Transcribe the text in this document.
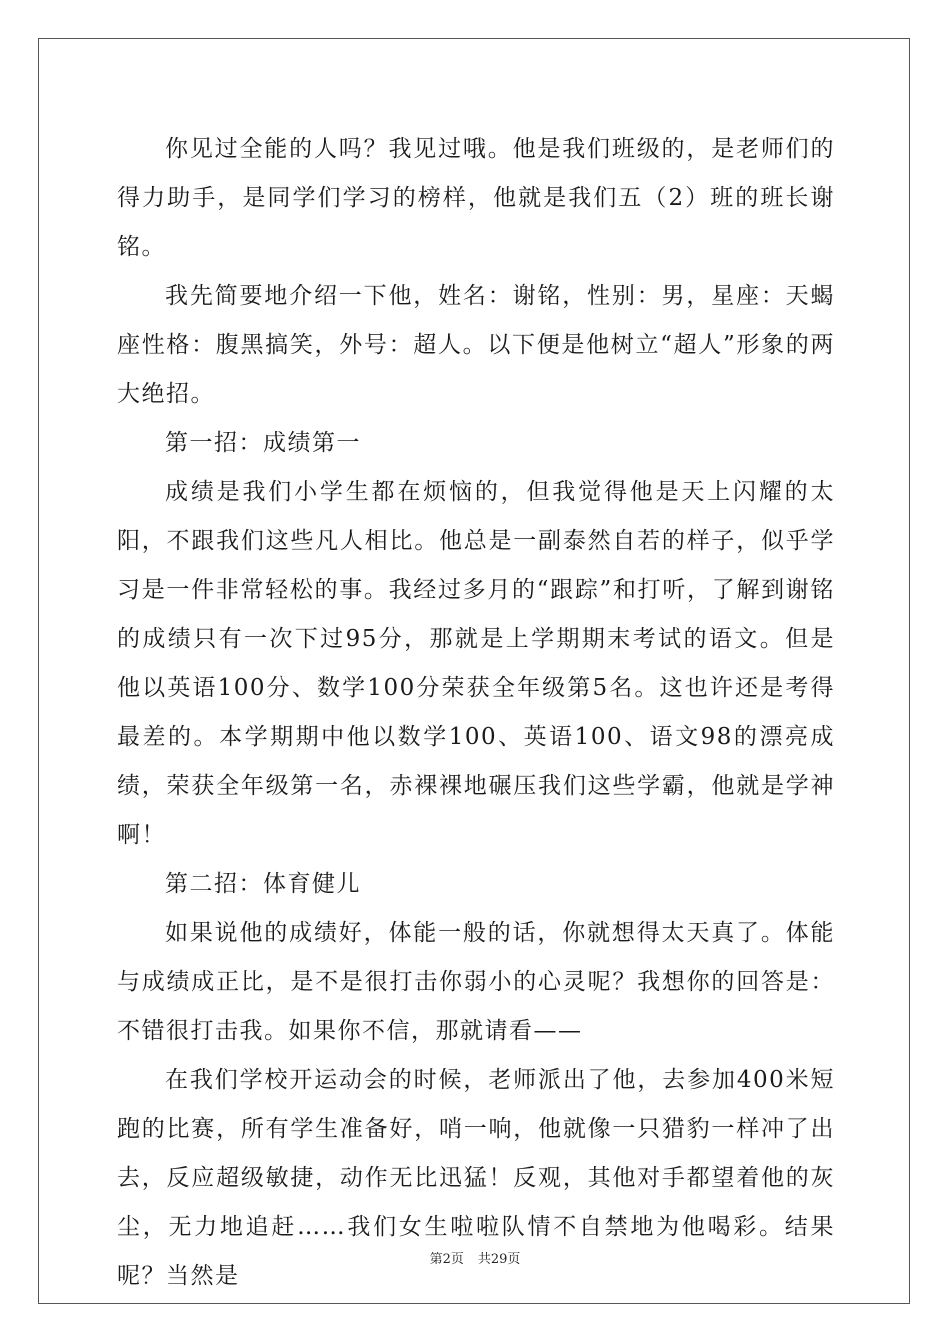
你见过全能的人吗？我见过哦。他是我们班级的，是老师们的得力助手，是同学们学习的榜样，他就是我们五（2）班的班长谢铭。

我先简要地介绍一下他，姓名：谢铭，性别：男，星座：天蝎座性格：腹黑搞笑，外号：超人。以下便是他树立“超人”形象的两大绝招。

第一招：成绩第一

成绩是我们小学生都在烦恼的，但我觉得他是天上闪耀的太阳，不跟我们这些凡人相比。他总是一副泰然自若的样子，似乎学习是一件非常轻松的事。我经过多月的“跟踪”和打听，了解到谢铭的成绩只有一次下过95分，那就是上学期期末考试的语文。但是他以英语100分、数学100分荣获全年级第5名。这也许还是考得最差的。本学期期中他以数学100、英语100、语文98的漂亮成绩，荣获全年级第一名，赤裸裸地碾压我们这些学霸，他就是学神啊！

第二招：体育健儿

如果说他的成绩好，体能一般的话，你就想得太天真了。体能与成绩成正比，是不是很打击你弱小的心灵呢？我想你的回答是：不错很打击我。如果你不信，那就请看——

在我们学校开运动会的时候，老师派出了他，去参加400米短跑的比赛，所有学生准备好，哨一响，他就像一只猎豹一样冲了出去，反应超级敏捷，动作无比迅猛！反观，其他对手都望着他的灰尘，无力地追赶……我们女生啦啦队情不自禁地为他喝彩。结果呢？当然是

第2页 共29页
